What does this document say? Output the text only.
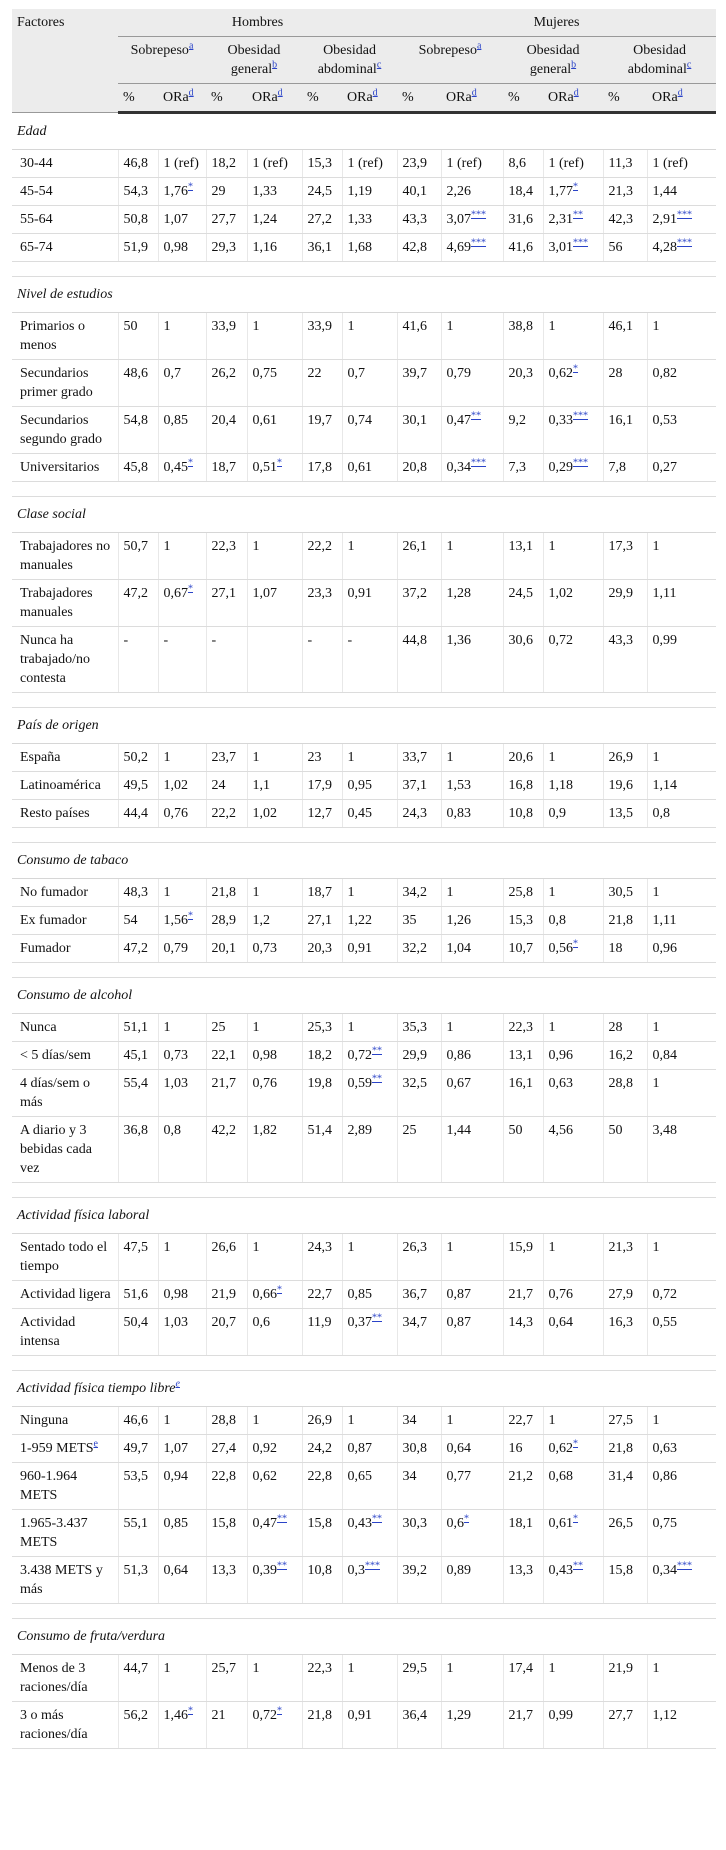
Factores	Hombres						Mujeres					
	Sobrepeso$^a$		Obesidad general$^b$		Obesidad abdominal$^c$		Sobrepeso$^a$		Obesidad general$^b$		Obesidad abdominal$^c$
	%	ORa$^d$	%	ORa$^d$	%	ORa$^d$	%	ORa$^d$	%	ORa$^d$	%	ORa$^d$
Edad												
30-44	46,8	1 (ref)	18,2	1 (ref)	15,3	1 (ref)	23,9	1 (ref)	8,6	1 (ref)	11,3	1 (ref)
45-54	54,3	1,76*	29	1,33	24,5	1,19	40,1	2,26	18,4	1,77*	21,3	1,44
55-64	50,8	1,07	27,7	1,24	27,2	1,33	43,3	3,07***	31,6	2,31**	42,3	2,91***
65-74	51,9	0,98	29,3	1,16	36,1	1,68	42,8	4,69***	41,6	3,01***	56	4,28***

Nivel de estudios												
Primarios o menos	50	1	33,9	1	33,9	1	41,6	1	38,8	1	46,1	1
Secundarios primer grado	48,6	0,7	26,2	0,75	22	0,7	39,7	0,79	20,3	0,62*	28	0,82
Secundarios segundo grado	54,8	0,85	20,4	0,61	19,7	0,74	30,1	0,47**	9,2	0,33***	16,1	0,53
Universitarios	45,8	0,45*	18,7	0,51*	17,8	0,61	20,8	0,34***	7,3	0,29***	7,8	0,27

Clase social												
Trabajadores no manuales	50,7	1	22,3	1	22,2	1	26,1	1	13,1	1	17,3	1
Trabajadores manuales	47,2	0,67*	27,1	1,07	23,3	0,91	37,2	1,28	24,5	1,02	29,9	1,11
Nunca ha trabajado/no contesta	-	-	-		-	-	44,8	1,36	30,6	0,72	43,3	0,99

País de origen												
España	50,2	1	23,7	1	23	1	33,7	1	20,6	1	26,9	1
Latinoamérica	49,5	1,02	24	1,1	17,9	0,95	37,1	1,53	16,8	1,18	19,6	1,14
Resto países	44,4	0,76	22,2	1,02	12,7	0,45	24,3	0,83	10,8	0,9	13,5	0,8

Consumo de tabaco												
No fumador	48,3	1	21,8	1	18,7	1	34,2	1	25,8	1	30,5	1
Ex fumador	54	1,56*	28,9	1,2	27,1	1,22	35	1,26	15,3	0,8	21,8	1,11
Fumador	47,2	0,79	20,1	0,73	20,3	0,91	32,2	1,04	10,7	0,56*	18	0,96

Consumo de alcohol												
Nunca	51,1	1	25	1	25,3	1	35,3	1	22,3	1	28	1
< 5 días/sem	45,1	0,73	22,1	0,98	18,2	0,72**	29,9	0,86	13,1	0,96	16,2	0,84
4 días/sem o más	55,4	1,03	21,7	0,76	19,8	0,59**	32,5	0,67	16,1	0,63	28,8	1
A diario y 3 bebidas cada vez	36,8	0,8	42,2	1,82	51,4	2,89	25	1,44	50	4,56	50	3,48

Actividad física laboral												
Sentado todo el tiempo	47,5	1	26,6	1	24,3	1	26,3	1	15,9	1	21,3	1
Actividad ligera	51,6	0,98	21,9	0,66*	22,7	0,85	36,7	0,87	21,7	0,76	27,9	0,72
Actividad intensa	50,4	1,03	20,7	0,6	11,9	0,37**	34,7	0,87	14,3	0,64	16,3	0,55

Actividad física tiempo libre$^e$
Ninguna	46,6	1	28,8	1	26,9	1	34	1	22,7	1	27,5	1
1-959 METS$^e$	49,7	1,07	27,4	0,92	24,2	0,87	30,8	0,64	16	0,62*	21,8	0,63
960-1.964 METS	53,5	0,94	22,8	0,62	22,8	0,65	34	0,77	21,2	0,68	31,4	0,86
1.965-3.437 METS	55,1	0,85	15,8	0,47**	15,8	0,43**	30,3	0,6*	18,1	0,61*	26,5	0,75
3.438 METS y más	51,3	0,64	13,3	0,39**	10,8	0,3***	39,2	0,89	13,3	0,43**	15,8	0,34***

Consumo de fruta/verdura												
Menos de 3 raciones/día	44,7	1	25,7	1	22,3	1	29,5	1	17,4	1	21,9	1
3 o más raciones/día	56,2	1,46*	21	0,72*	21,8	0,91	36,4	1,29	21,7	0,99	27,7	1,12
